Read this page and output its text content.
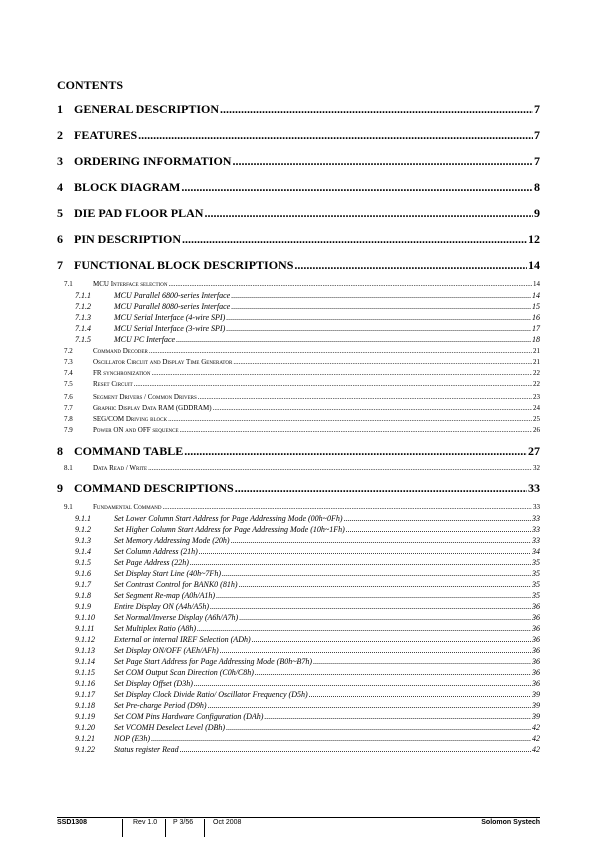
CONTENTS
1 GENERAL DESCRIPTION .....	7
2 FEATURES .....	7
3 ORDERING INFORMATION .....	7
4 BLOCK DIAGRAM .....	8
5 DIE PAD FLOOR PLAN .....	9
6 PIN DESCRIPTION .....	12
7 FUNCTIONAL BLOCK DESCRIPTIONS .....	14
7.1	MCU Interface selection .....	14
7.1.1	MCU Parallel 6800-series Interface .....	14
7.1.2	MCU Parallel 8080-series Interface .....	15
7.1.3	MCU Serial Interface (4-wire SPI) .....	16
7.1.4	MCU Serial Interface (3-wire SPI) .....	17
7.1.5	MCU I²C Interface .....	18
7.2	Command Decoder .....	21
7.3	Oscillator Circuit and Display Time Generator .....	21
7.4	FR synchronization .....	22
7.5	Reset Circuit .....	22
7.6	Segment Drivers / Common Drivers .....	23
7.7	Graphic Display Data RAM (GDDRAM) .....	24
7.8	SEG/COM Driving block .....	25
7.9	Power ON and OFF sequence .....	26
8 COMMAND TABLE .....	27
8.1	Data Read / Write .....	32
9 COMMAND DESCRIPTIONS .....	33
9.1	Fundamental Command .....	33
9.1.1	Set Lower Column Start Address for Page Addressing Mode (00h~0Fh) .....	33
9.1.2	Set Higher Column Start Address for Page Addressing Mode (10h~1Fh) .....	33
9.1.3	Set Memory Addressing Mode (20h) .....	33
9.1.4	Set Column Address (21h) .....	34
9.1.5	Set Page Address (22h) .....	35
9.1.6	Set Display Start Line (40h~7Fh) .....	35
9.1.7	Set Contrast Control for BANK0 (81h) .....	35
9.1.8	Set Segment Re-map (A0h/A1h) .....	35
9.1.9	Entire Display ON (A4h/A5h) .....	36
9.1.10	Set Normal/Inverse Display (A6h/A7h) .....	36
9.1.11	Set Multiplex Ratio (A8h) .....	36
9.1.12	External or internal IREF Selection (ADh) .....	36
9.1.13	Set Display ON/OFF (AEh/AFh) .....	36
9.1.14	Set Page Start Address for Page Addressing Mode (B0h~B7h) .....	36
9.1.15	Set COM Output Scan Direction (C0h/C8h) .....	36
9.1.16	Set Display Offset (D3h) .....	36
9.1.17	Set Display Clock Divide Ratio/ Oscillator Frequency (D5h) .....	39
9.1.18	Set Pre-charge Period (D9h) .....	39
9.1.19	Set COM Pins Hardware Configuration (DAh) .....	39
9.1.20	Set VCOMH Deselect Level (DBh) .....	42
9.1.21	NOP (E3h) .....	42
9.1.22	Status register Read .....	42
SSD1308	Rev 1.0 P 3/56	Oct 2008	Solomon Systech
